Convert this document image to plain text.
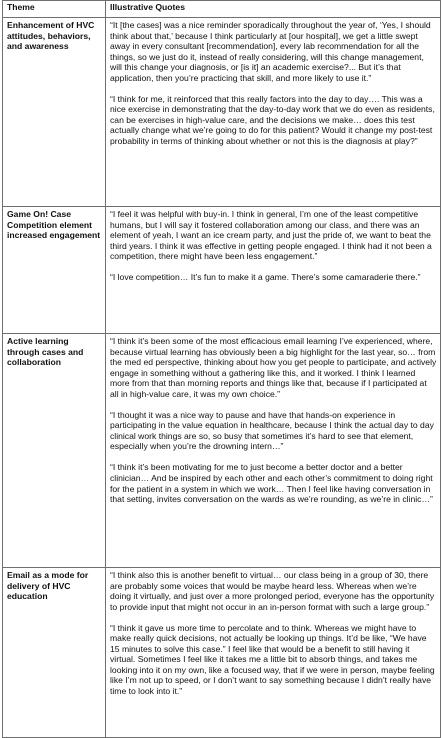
Theme	Illustrative Quotes
Enhancement of HVC attitudes, behaviors, and awareness	“It [the cases] was a nice reminder sporadically throughout the year of, ‘Yes, I should think about that,’ because I think particularly at [our hospital], we get a little swept away in every consultant [recommendation], every lab recommendation for all the things, so we just do it, instead of really considering, will this change management, will this change your diagnosis, or [is it] an academic exercise?... But it’s that application, then you’re practicing that skill, and more likely to use it.”

“I think for me, it reinforced that this really factors into the day to day…. This was a nice exercise in demonstrating that the day-to-day work that we do even as residents, can be exercises in high-value care, and the decisions we make… does this test actually change what we’re going to do for this patient? Would it change my post-test probability in terms of thinking about whether or not this is the diagnosis at play?”

Game On! Case Competition element increased engagement	“I feel it was helpful with buy-in. I think in general, I’m one of the least competitive humans, but I will say it fostered collaboration among our class, and there was an element of yeah, I want an ice cream party, and just the pride of, we want to beat the third years. I think it was effective in getting people engaged. I think had it not been a competition, there might have been less engagement.”

“I love competition… It’s fun to make it a game. There’s some camaraderie there.”

Active learning through cases and collaboration	“I think it’s been some of the most efficacious email learning I’ve experienced, where, because virtual learning has obviously been a big highlight for the last year, so… from the med ed perspective, thinking about how you get people to participate, and actively engage in something without a gathering like this, and it worked. I think I learned more from that than morning reports and things like that, because if I participated at all in high-value care, it was my own choice.”

“I thought it was a nice way to pause and have that hands-on experience in participating in the value equation in healthcare, because I think the actual day to day clinical work things are so, so busy that sometimes it’s hard to see that element, especially when you’re the drowning intern…”

“I think it’s been motivating for me to just become a better doctor and a better clinician… And be inspired by each other and each other’s commitment to doing right for the patient in a system in which we work… Then I feel like having conversation in that setting, invites conversation on the wards as we’re rounding, as we’re in clinic…”

Email as a mode for delivery of HVC education	“I think also this is another benefit to virtual… our class being in a group of 30, there are probably some voices that would be maybe heard less. Whereas when we’re doing it virtually, and just over a more prolonged period, everyone has the opportunity to provide input that might not occur in an in-person format with such a large group.”

“I think it gave us more time to percolate and to think. Whereas we might have to make really quick decisions, not actually be looking up things. It’d be like, “We have 15 minutes to solve this case.” I feel like that would be a benefit to still having it virtual. Sometimes I feel like it takes me a little bit to absorb things, and takes me looking into it on my own, like a focused way, that if we were in person, maybe feeling like I’m not up to speed, or I don’t want to say something because I didn’t really have time to look into it.”
